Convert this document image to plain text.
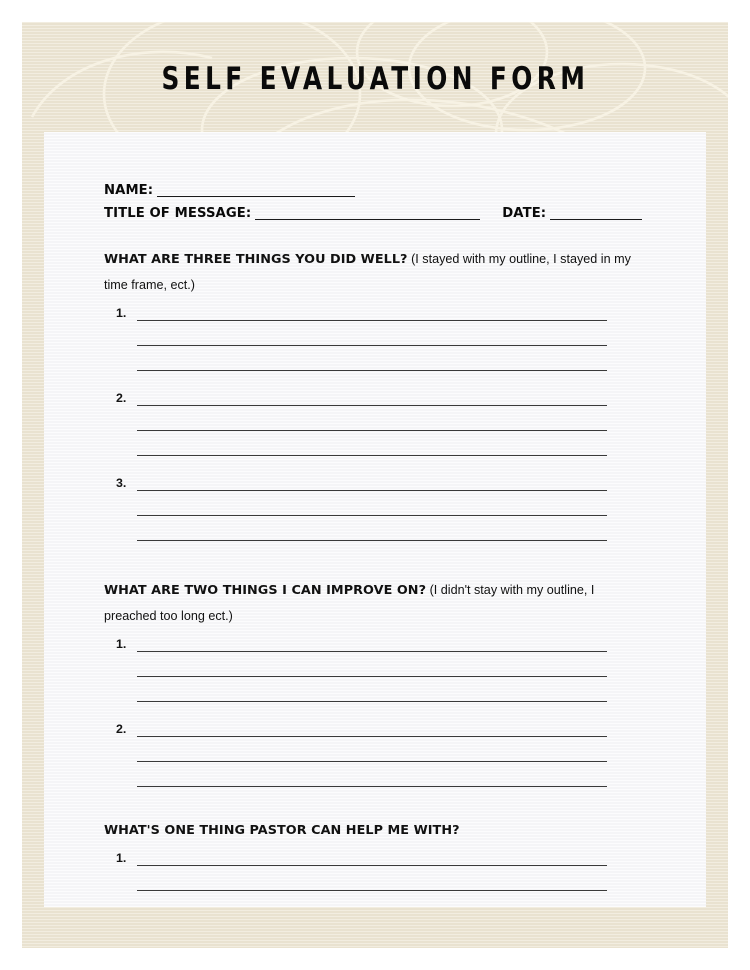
SELF EVALUATION FORM
NAME:
TITLE OF MESSAGE:	DATE:
WHAT ARE THREE THINGS YOU DID WELL? (I stayed with my outline, I stayed in my time frame, ect.)
1.
2.
3.
WHAT ARE TWO THINGS I CAN IMPROVE ON? (I didn't stay with my outline, I preached too long ect.)
1.
2.
WHAT'S ONE THING PASTOR CAN HELP ME WITH?
1.
